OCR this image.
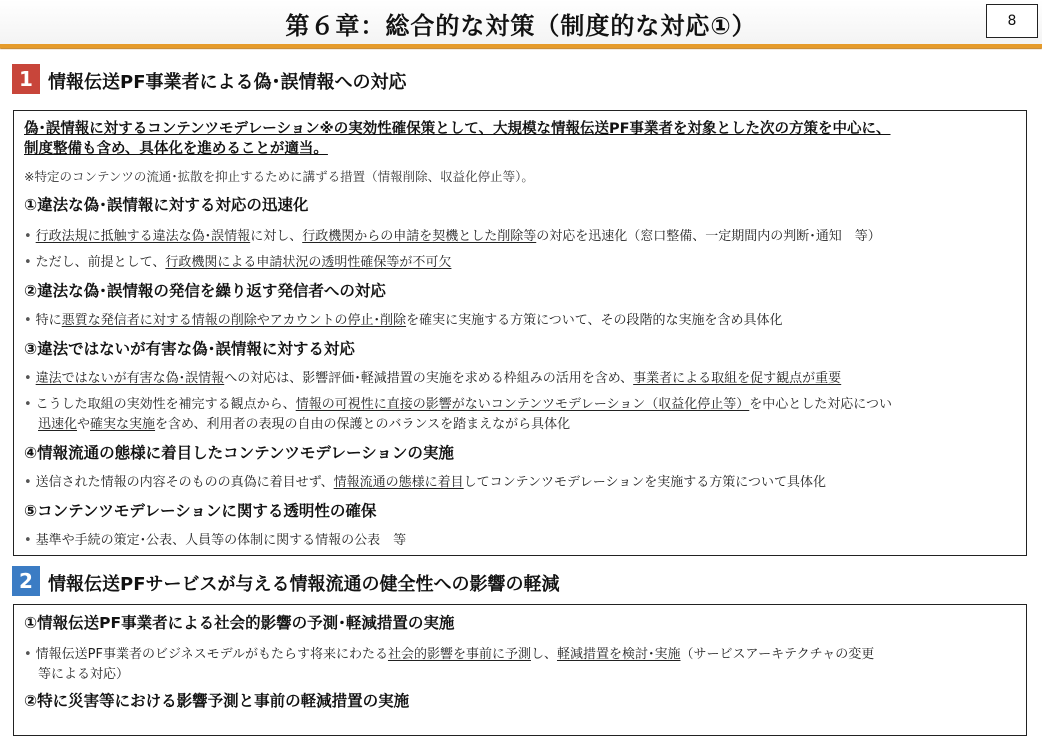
第６章：総合的な対策（制度的な対応①）	8
1 情報伝送PF事業者による偽･誤情報への対応
偽･誤情報に対するコンテンツモデレーション※の実効性確保策として、大規模な情報伝送PF事業者を対象とした次の方策を中心に、
制度整備も含め、具体化を進めることが適当。
※特定のコンテンツの流通･拡散を抑止するために講ずる措置（情報削除、収益化停止等）。
①違法な偽･誤情報に対する対応の迅速化
• 行政法規に抵触する違法な偽･誤情報に対し、行政機関からの申請を契機とした削除等の対応を迅速化（窓口整備、一定期間内の判断･通知　等）
• ただし、前提として、行政機関による申請状況の透明性確保等が不可欠
②違法な偽･誤情報の発信を繰り返す発信者への対応
• 特に悪質な発信者に対する情報の削除やアカウントの停止･削除を確実に実施する方策について、その段階的な実施を含め具体化
③違法ではないが有害な偽･誤情報に対する対応
• 違法ではないが有害な偽･誤情報への対応は、影響評価･軽減措置の実施を求める枠組みの活用を含め、事業者による取組を促す観点が重要
• こうした取組の実効性を補完する観点から、情報の可視性に直接の影響がないコンテンツモデレーション（収益化停止等）を中心とした対応につい
迅速化や確実な実施を含め、利用者の表現の自由の保護とのバランスを踏まえながら具体化
④情報流通の態様に着目したコンテンツモデレーションの実施
• 送信された情報の内容そのものの真偽に着目せず、情報流通の態様に着目してコンテンツモデレーションを実施する方策について具体化
⑤コンテンツモデレーションに関する透明性の確保
• 基準や手続の策定･公表、人員等の体制に関する情報の公表　等
2 情報伝送PFサービスが与える情報流通の健全性への影響の軽減
①情報伝送PF事業者による社会的影響の予測･軽減措置の実施
• 情報伝送PF事業者のビジネスモデルがもたらす将来にわたる社会的影響を事前に予測し、軽減措置を検討･実施（サービスアーキテクチャの変更
等による対応）
②特に災害等における影響予測と事前の軽減措置の実施
